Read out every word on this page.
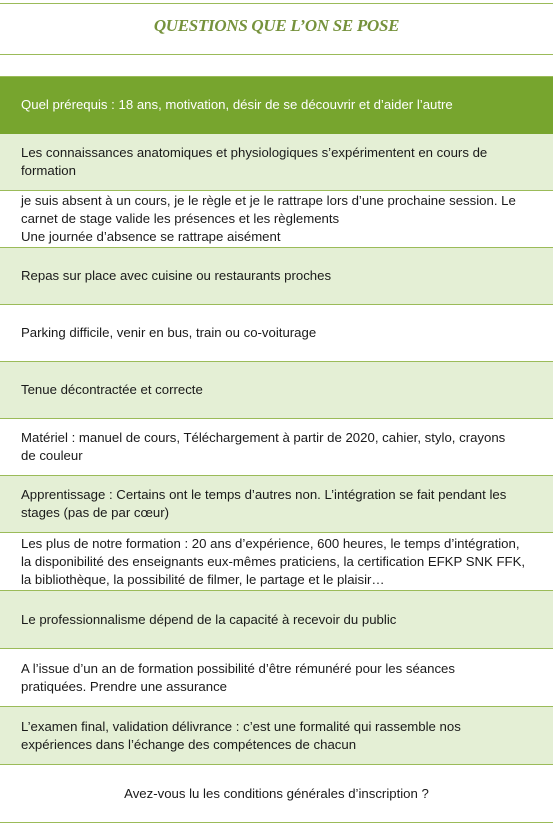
QUESTIONS QUE L’ON SE POSE
Quel prérequis : 18 ans, motivation, désir de se découvrir et d’aider l’autre
Les connaissances anatomiques et physiologiques s’expérimentent en cours de
formation
je suis absent à un cours, je le règle et je le rattrape lors d’une prochaine session. Le
carnet de stage valide les présences et les règlements
Une journée d’absence se rattrape aisément
Repas sur place avec cuisine ou restaurants proches
Parking difficile, venir en bus, train ou co-voiturage
Tenue décontractée et correcte
Matériel : manuel de cours, Téléchargement à partir de 2020, cahier, stylo, crayons
de couleur
Apprentissage : Certains ont le temps d’autres non. L’intégration se fait pendant les
stages (pas de par cœur)
Les plus de notre formation : 20 ans d’expérience, 600 heures, le temps d’intégration,
la disponibilité des enseignants eux-mêmes praticiens, la certification EFKP SNK FFK,
la bibliothèque, la possibilité de filmer, le partage et le plaisir…
Le professionnalisme dépend de la capacité à recevoir du public
A l’issue d’un an de formation possibilité d’être rémunéré pour les séances
pratiquées. Prendre une assurance
L’examen final, validation délivrance : c’est une formalité qui rassemble nos
expériences dans l’échange des compétences de chacun
Avez-vous lu les conditions générales d’inscription ?
